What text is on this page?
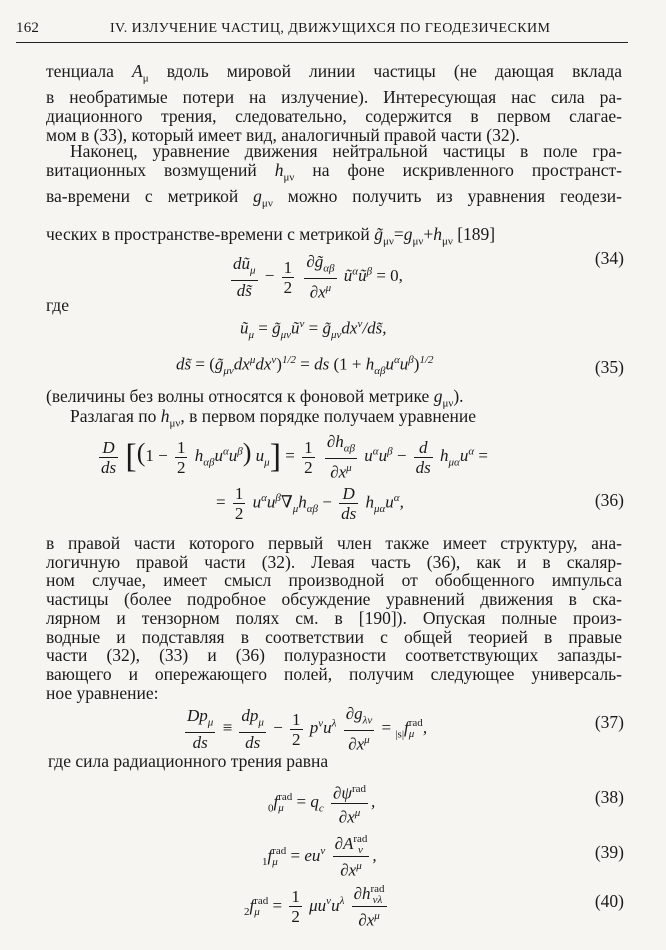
162	IV. ИЗЛУЧЕНИЕ ЧАСТИЦ, ДВИЖУЩИХСЯ ПО ГЕОДЕЗИЧЕСКИМ
тенциала $A_\mu$ вдоль мировой линии частицы (не дающая вклада
в необратимые потери на излучение). Интересующая нас сила ра-
диационного трения, следовательно, содержится в первом слагае-
мом в (33), который имеет вид, аналогичный правой части (32).
Наконец, уравнение движения нейтральной частицы в поле гра-
витационных возмущений $h_{\mu\nu}$ на фоне искривленного пространст-
ва-времени с метрикой $g_{\mu\nu}$ можно получить из уравнения геодези-
ческих в пространстве-времени с метрикой $g̃_{\mu\nu}=g_{\mu\nu}+h_{\mu\nu}$ [189]
$\frac{dũ_\mu}{ds̃} - \frac{1}{2}$
$\frac{\partial g̃_{\alpha\beta}}{\partial x^\mu}$ $ũ^\alpha ũ^\beta = 0$,
(34)
где
$ũ_\mu$ = $g̃_{\mu\nu}ũ^\nu$ = $g̃_{\mu\nu}dx^\nu/ds̃$,
ds̃ = $(g̃_{\mu\nu}dx^\mu dx^\nu)^{1/2}$ = ds $(1 + h_{\alpha\beta}u^\alpha u^\beta)^{1/2}$	(35)
(величины без волны относятся к фоновой метрике $g_{\mu\nu}$).
Разлагая по $h_{\mu\nu}$, в первом порядке получаем уравнение
$\frac{D}{ds} [(1 - \frac{1}{2} h_{\alpha\beta}u^\alpha u^\beta) u_\mu] = \frac{1}{2}$
$\frac{\partial h_{\alpha\beta}}{\partial x^\mu} u^\alpha u^\beta - \frac{d}{ds} h_{\mu\alpha}u^\alpha$ =
= $\frac{1}{2} u^\alpha u^\beta\nabla_\mu h_{\alpha\beta} - \frac{D}{ds} h_{\mu\alpha}u^\alpha$,	(36)
в правой части которого первый член также имеет структуру, ана-
логичную правой части (32). Левая часть (36), как и в скаляр-
ном случае, имеет смысл производной от обобщенного импульса
частицы (более подробное обсуждение уравнений движения в ска-
лярном и тензорном полях см. в [190]). Опуская полные произ-
водные и подставляя в соответствии с общей теорией в правые
части (32), (33) и (36) полуразности соответствующих запазды-
вающего и опережающего полей, получим следующее универсаль-
ное уравнение:
$\frac{Dp_\mu}{ds} \equiv \frac{dp_\mu}{ds} - \frac{1}{2} p^\nu u^\lambda \frac{\partial g_{\lambda\nu}}{\partial x^\mu} = _{|s|}f$ rad
μ ,	(37)
где сила радиационного трения равна
$_0$f rad
$\mu = q_c \frac{\partial\psi^{rad}}{\partial x^\mu}$ ,	(38)
$_1$f rad
$\mu = eu^\nu$ ∂A rad
ν
$\partial x^\mu$ ,	(39)
$_2$f rad
$\mu = \frac{1}{2} \mu u^\nu u^\lambda$ ∂h rad
νλ
$\partial x^\mu$	(40)
